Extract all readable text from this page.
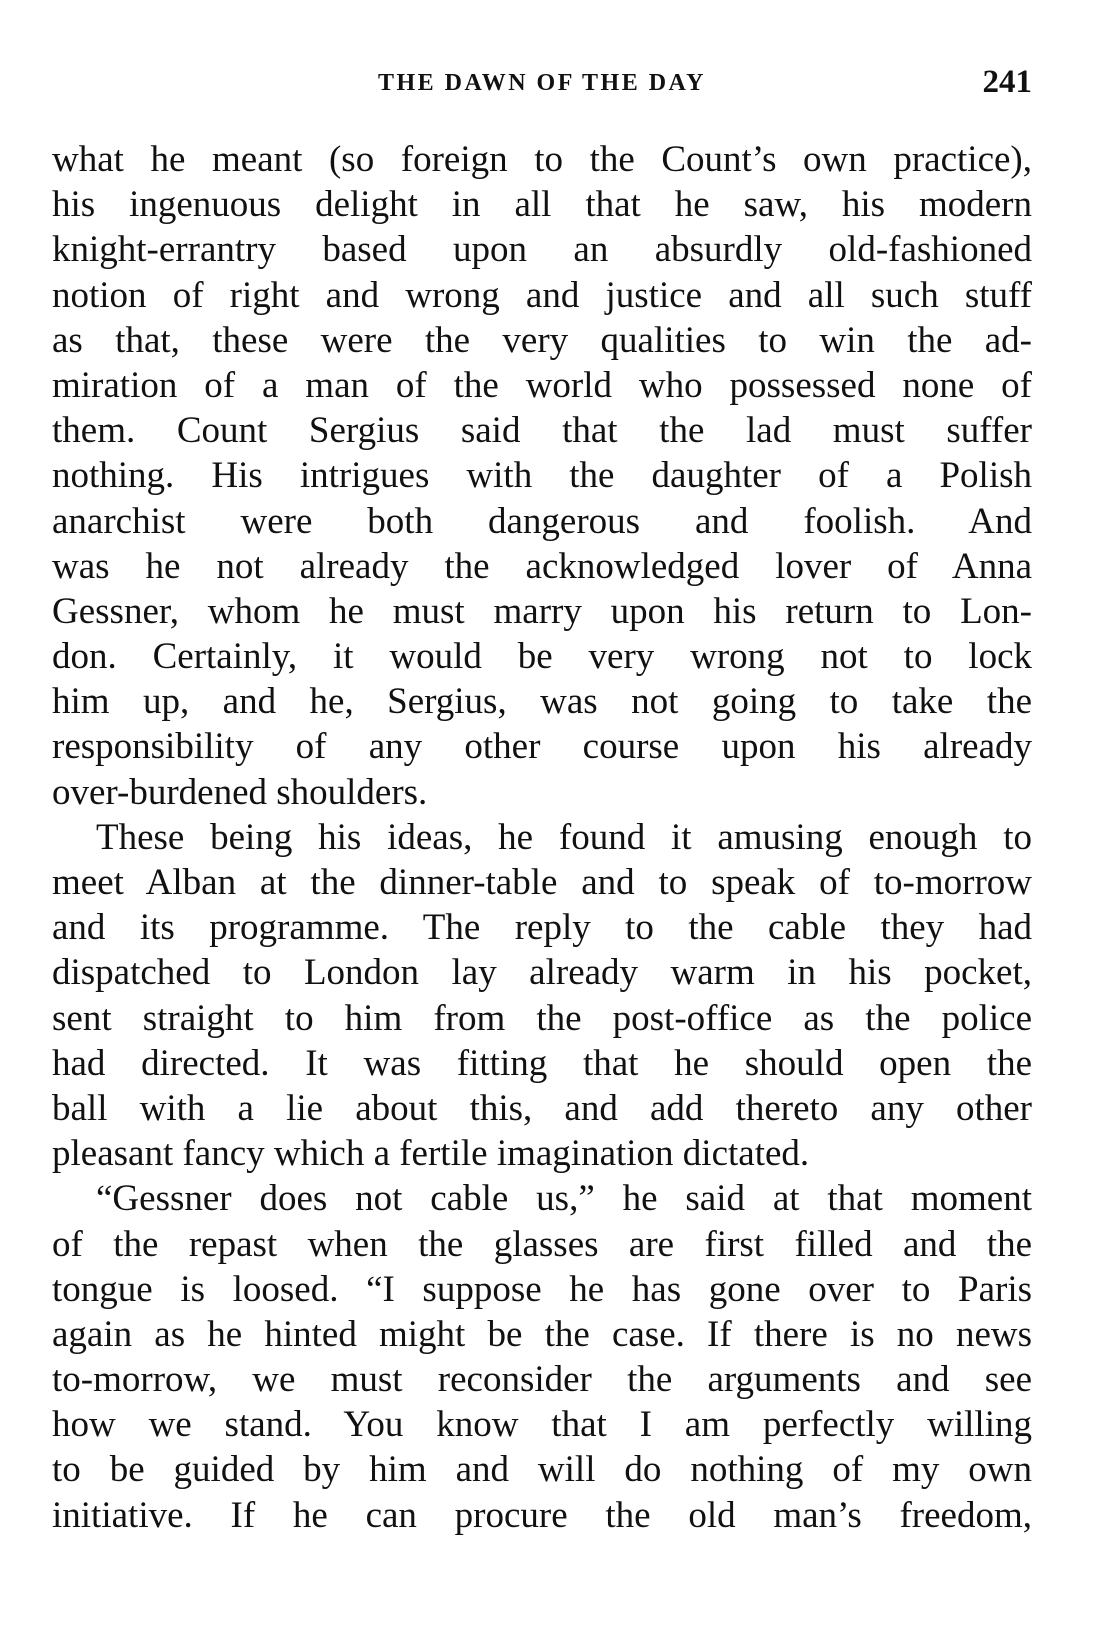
THE DAWN OF THE DAY	241
what he meant (so foreign to the Count’s own practice),
his ingenuous delight in all that he saw, his modern
knight-errantry based upon an absurdly old-fashioned
notion of right and wrong and justice and all such stuff
as that, these were the very qualities to win the ad-
miration of a man of the world who possessed none of
them. Count Sergius said that the lad must suffer
nothing. His intrigues with the daughter of a Polish
anarchist were both dangerous and foolish. And
was he not already the acknowledged lover of Anna
Gessner, whom he must marry upon his return to Lon-
don. Certainly, it would be very wrong not to lock
him up, and he, Sergius, was not going to take the
responsibility of any other course upon his already
over-burdened shoulders.
These being his ideas, he found it amusing enough to
meet Alban at the dinner-table and to speak of to-morrow
and its programme. The reply to the cable they had
dispatched to London lay already warm in his pocket,
sent straight to him from the post-office as the police
had directed. It was fitting that he should open the
ball with a lie about this, and add thereto any other
pleasant fancy which a fertile imagination dictated.
“Gessner does not cable us,” he said at that moment
of the repast when the glasses are first filled and the
tongue is loosed. “I suppose he has gone over to Paris
again as he hinted might be the case. If there is no news
to-morrow, we must reconsider the arguments and see
how we stand. You know that I am perfectly willing
to be guided by him and will do nothing of my own
initiative. If he can procure the old man’s freedom,
